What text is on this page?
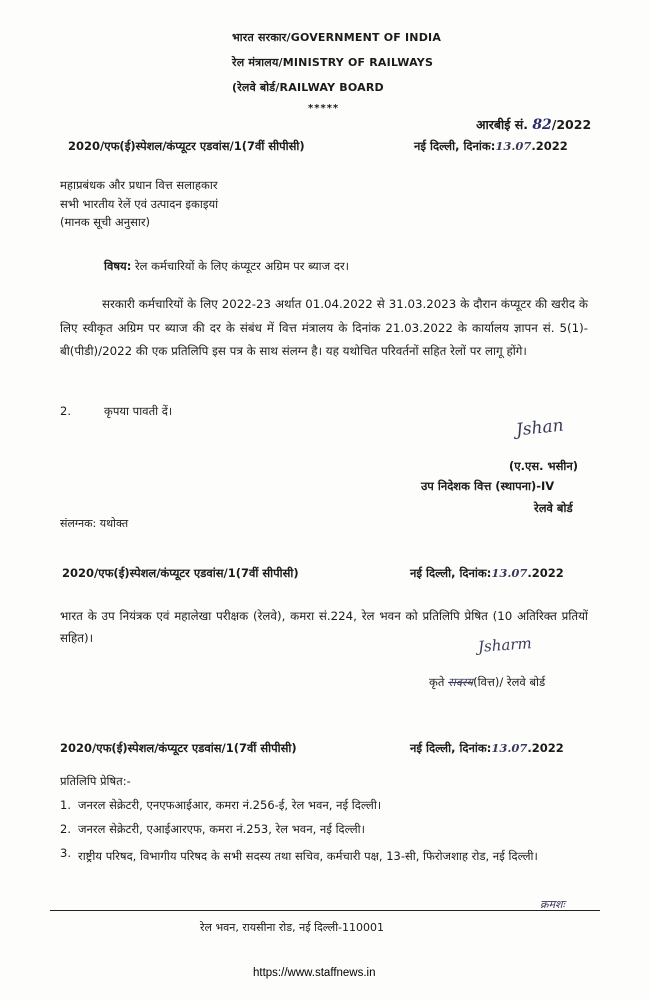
भारत सरकार/GOVERNMENT OF INDIA
रेल मंत्रालय/MINISTRY OF RAILWAYS
(रेलवे बोर्ड/RAILWAY BOARD
*****
आरबीई सं. 82/2022
2020/एफ(ई)स्पेशल/कंप्यूटर एडवांस/1(7वीं सीपीसी)	नई दिल्ली, दिनांक:13.07.2022
महाप्रबंधक और प्रधान वित्त सलाहकार
सभी भारतीय रेलें एवं उत्पादन इकाइयां
(मानक सूची अनुसार)
विषय: रेल कर्मचारियों के लिए कंप्यूटर अग्रिम पर ब्याज दर।
सरकारी कर्मचारियों के लिए 2022-23 अर्थात 01.04.2022 से 31.03.2023 के दौरान कंप्यूटर की खरीद के लिए स्वीकृत अग्रिम पर ब्याज की दर के संबंध में वित्त मंत्रालय के दिनांक 21.03.2022 के कार्यालय ज्ञापन सं. 5(1)-बी(पीडी)/2022 की एक प्रतिलिपि इस पत्र के साथ संलग्न है। यह यथोचित परिवर्तनों सहित रेलों पर लागू होंगे।
2.	कृपया पावती दें।
Jshan
(ए.एस. भसीन)
उप निदेशक वित्त (स्थापना)-IV
रेलवे बोर्ड
संलग्नक: यथोक्त
2020/एफ(ई)स्पेशल/कंप्यूटर एडवांस/1(7वीं सीपीसी)	नई दिल्ली, दिनांक:13.07.2022
भारत के उप नियंत्रक एवं महालेखा परीक्षक (रेलवे), कमरा सं.224, रेल भवन को प्रतिलिपि प्रेषित (10 अतिरिक्त प्रतियों सहित)।	Jsharm
कृते सदस्य(वित्त)/ रेलवे बोर्ड
2020/एफ(ई)स्पेशल/कंप्यूटर एडवांस/1(7वीं सीपीसी)	नई दिल्ली, दिनांक:13.07.2022
प्रतिलिपि प्रेषित:-
1. जनरल सेक्रेटरी, एनएफआईआर, कमरा नं.256-ई, रेल भवन, नई दिल्ली।
2. जनरल सेक्रेटरी, एआईआरएफ, कमरा नं.253, रेल भवन, नई दिल्ली।
3. राष्ट्रीय परिषद, विभागीय परिषद के सभी सदस्य तथा सचिव, कर्मचारी पक्ष, 13-सी, फिरोजशाह रोड, नई दिल्ली।
क्रमशः
रेल भवन, रायसीना रोड, नई दिल्ली-110001
https://www.staffnews.in
